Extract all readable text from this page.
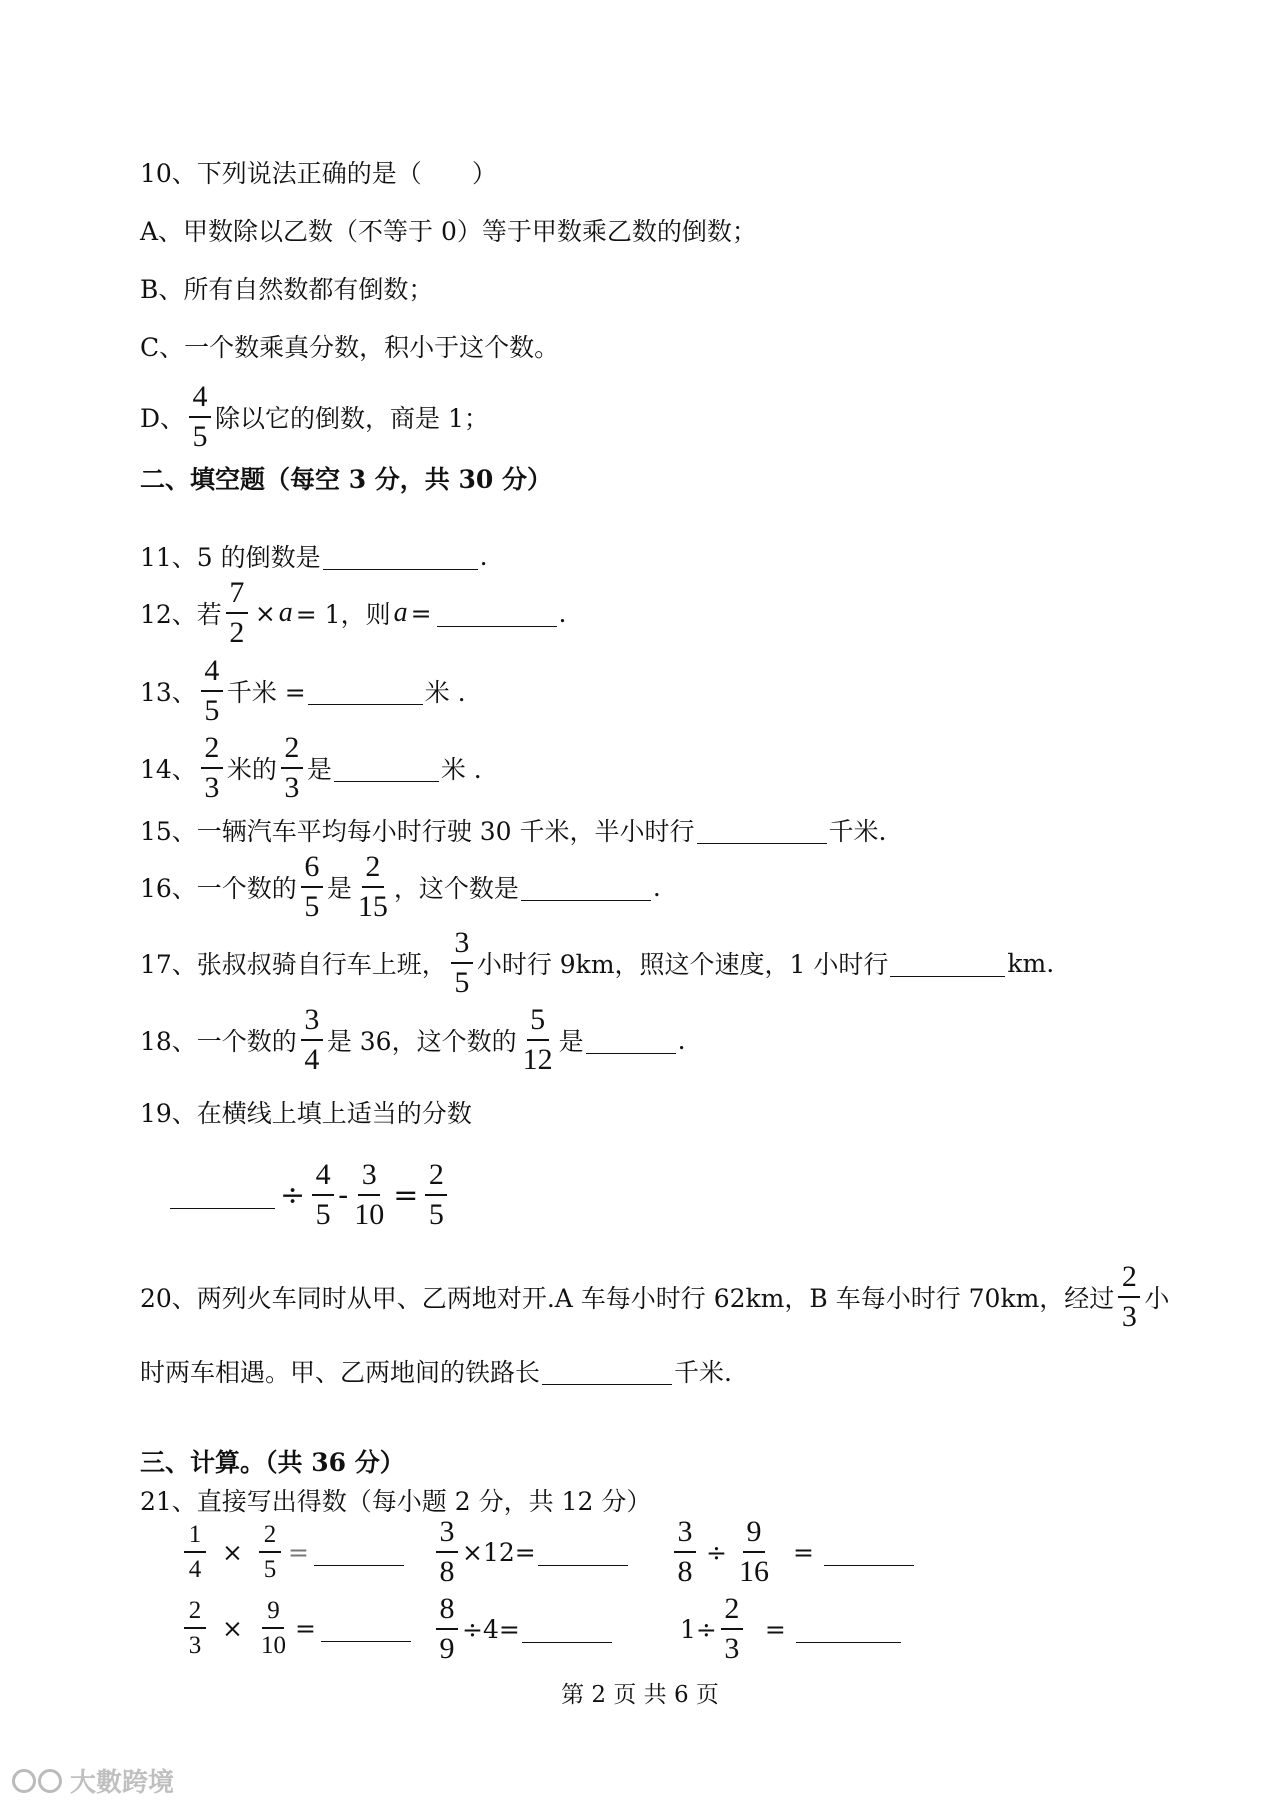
10、下列说法正确的是（　　）
A、甲数除以乙数（不等于 0）等于甲数乘乙数的倒数；
B、所有自然数都有倒数；
C、一个数乘真分数，积小于这个数。
D、 $\frac{4}{5}$ 除以它的倒数，商是 1；
二、填空题（每空 3 分，共 30 分）
11、5 的倒数是	.
12、若 $\frac{7}{2} \times a = 1$，则 a =	.
13、 $\frac{4}{5}$ 千米 =	米 .
14、 $\frac{2}{3}$ 米的 $\frac{2}{3}$ 是	米 .
15、一辆汽车平均每小时行驶 30 千米，半小时行	千米.
16、一个数的 $\frac{6}{5}$ 是 $\frac{2}{15}$ ，这个数是	.
17、张叔叔骑自行车上班， $\frac{3}{5}$ 小时行 9km，照这个速度，1 小时行	km.
18、一个数的 $\frac{3}{4}$ 是 36，这个数的 $\frac{5}{12}$ 是	.
19、在横线上填上适当的分数
÷ $\frac{4}{5} - \frac{3}{10} = \frac{2}{5}$
20、两列火车同时从甲、乙两地对开.A 车每小时行 62km，B 车每小时行 70km，经过 $\frac{2}{3}$ 小
时两车相遇。甲、乙两地间的铁路长	千米.
三、计算。（共 36 分）
21、直接写出得数（每小题 2 分，共 12 分）
$\frac{1}{4} \times \frac{2}{5}$ =	$\frac{3}{8} \times 12=$	$\frac{3}{8} \div \frac{9}{16}$ =
$\frac{2}{3} \times \frac{9}{10}$ =	$\frac{8}{9} \div 4=$	$1\div \frac{2}{3}$ =
第 2 页 共 6 页
大數跨境
